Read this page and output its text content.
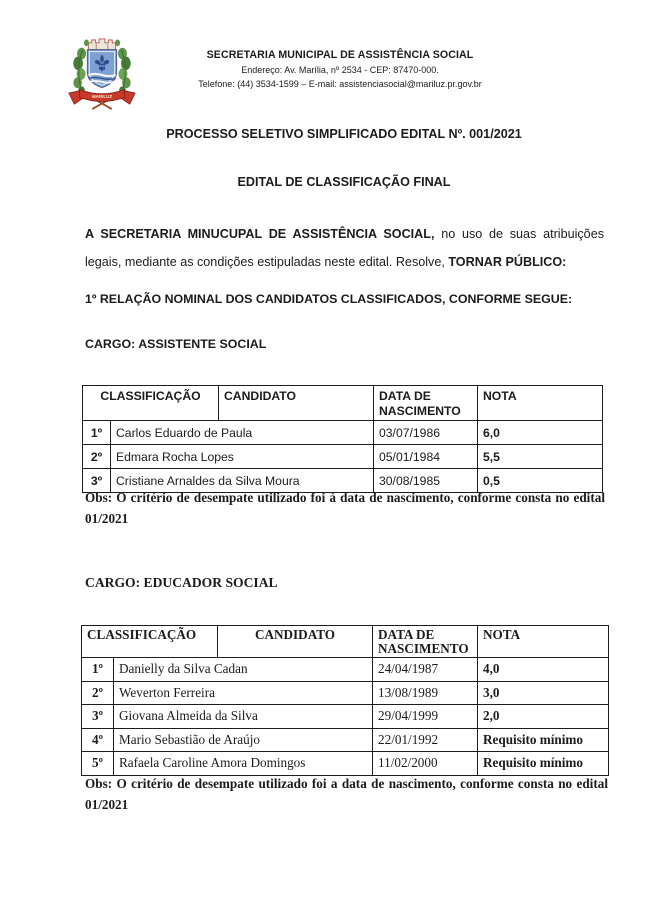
MARILUZ
SECRETARIA MUNICIPAL DE ASSISTÊNCIA SOCIAL
Endereço: Av. Marília, nº 2534 - CEP: 87470-000.
Telefone: (44) 3534-1599 – E-mail: assistenciasocial@mariluz.pr.gov.br
PROCESSO SELETIVO SIMPLIFICADO EDITAL Nº. 001/2021
EDITAL DE CLASSIFICAÇÃO FINAL
A SECRETARIA MINUCUPAL DE ASSISTÊNCIA SOCIAL, no uso de suas atribuições
legais, mediante as condições estipuladas neste edital. Resolve, TORNAR PÚBLICO:
1º RELAÇÃO NOMINAL DOS CANDIDATOS CLASSIFICADOS, CONFORME SEGUE:
CARGO: ASSISTENTE SOCIAL
CLASSIFICAÇÃO		CANDIDATO	DATA DE NASCIMENTO	NOTA
1º	Carlos Eduardo de Paula		03/07/1986	6,0
2º	Edmara Rocha Lopes		05/01/1984	5,5
3º	Cristiane Arnaldes da Silva Moura		30/08/1985	0,5
Obs: O critério de desempate utilizado foi à data de nascimento, conforme consta no edital
01/2021
CARGO: EDUCADOR SOCIAL
CLASSIFICAÇÃO		CANDIDATO	DATA DE NASCIMENTO	NOTA
1º	Danielly da Silva Cadan		24/04/1987	4,0
2º	Weverton Ferreira		13/08/1989	3,0
3º	Giovana Almeida da Silva		29/04/1999	2,0
4º	Mario Sebastião de Araújo		22/01/1992	Requisito mínimo
5º	Rafaela Caroline Amora Domingos		11/02/2000	Requisito mínimo
Obs: O critério de desempate utilizado foi a data de nascimento, conforme consta no edital
01/2021
